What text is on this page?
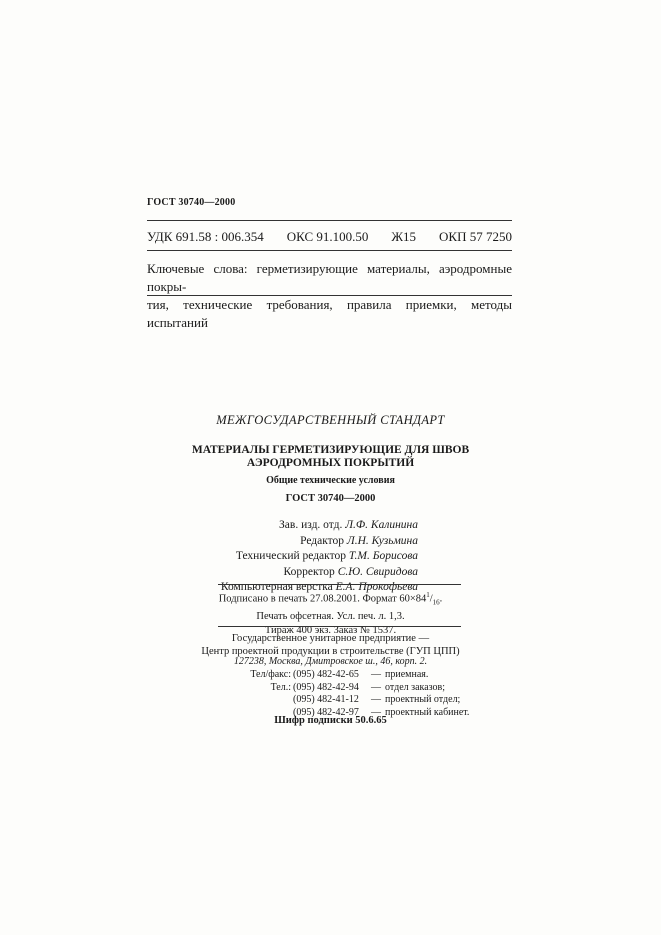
ГОСТ 30740—2000
УДК 691.58 : 006.354 ОКС 91.100.50 Ж15 ОКП 57 7250
Ключевые слова: герметизирующие материалы, аэродромные покры-
тия, технические требования, правила приемки, методы испытаний
МЕЖГОСУДАРСТВЕННЫЙ СТАНДАРТ
МАТЕРИАЛЫ ГЕРМЕТИЗИРУЮЩИЕ ДЛЯ ШВОВ
АЭРОДРОМНЫХ ПОКРЫТИЙ
Общие технические условия
ГОСТ 30740—2000
Зав. изд. отд. Л.Ф. Калинина
Редактор Л.Н. Кузьмина
Технический редактор Т.М. Борисова
Корректор С.Ю. Свиридова
Компьютерная верстка Е.А. Прокофьева
Подписано в печать 27.08.2001. Формат $60\times 84^1/_{16}$.
Печать офсетная. Усл. печ. л. 1,3.
Тираж 400 экз. Заказ № 1537.
Государственное унитарное предприятие —
Центр проектной продукции в строительстве (ГУП ЦПП)
127238, Москва, Дмитровское ш., 46, корп. 2.
Тел/факс:	(095) 482-42-65	—	приемная.
Тел.:	(095) 482-42-94	—	отдел заказов;
	(095) 482-41-12	—	проектный отдел;
	(095) 482-42-97	—	проектный кабинет.
Шифр подписки 50.6.65
